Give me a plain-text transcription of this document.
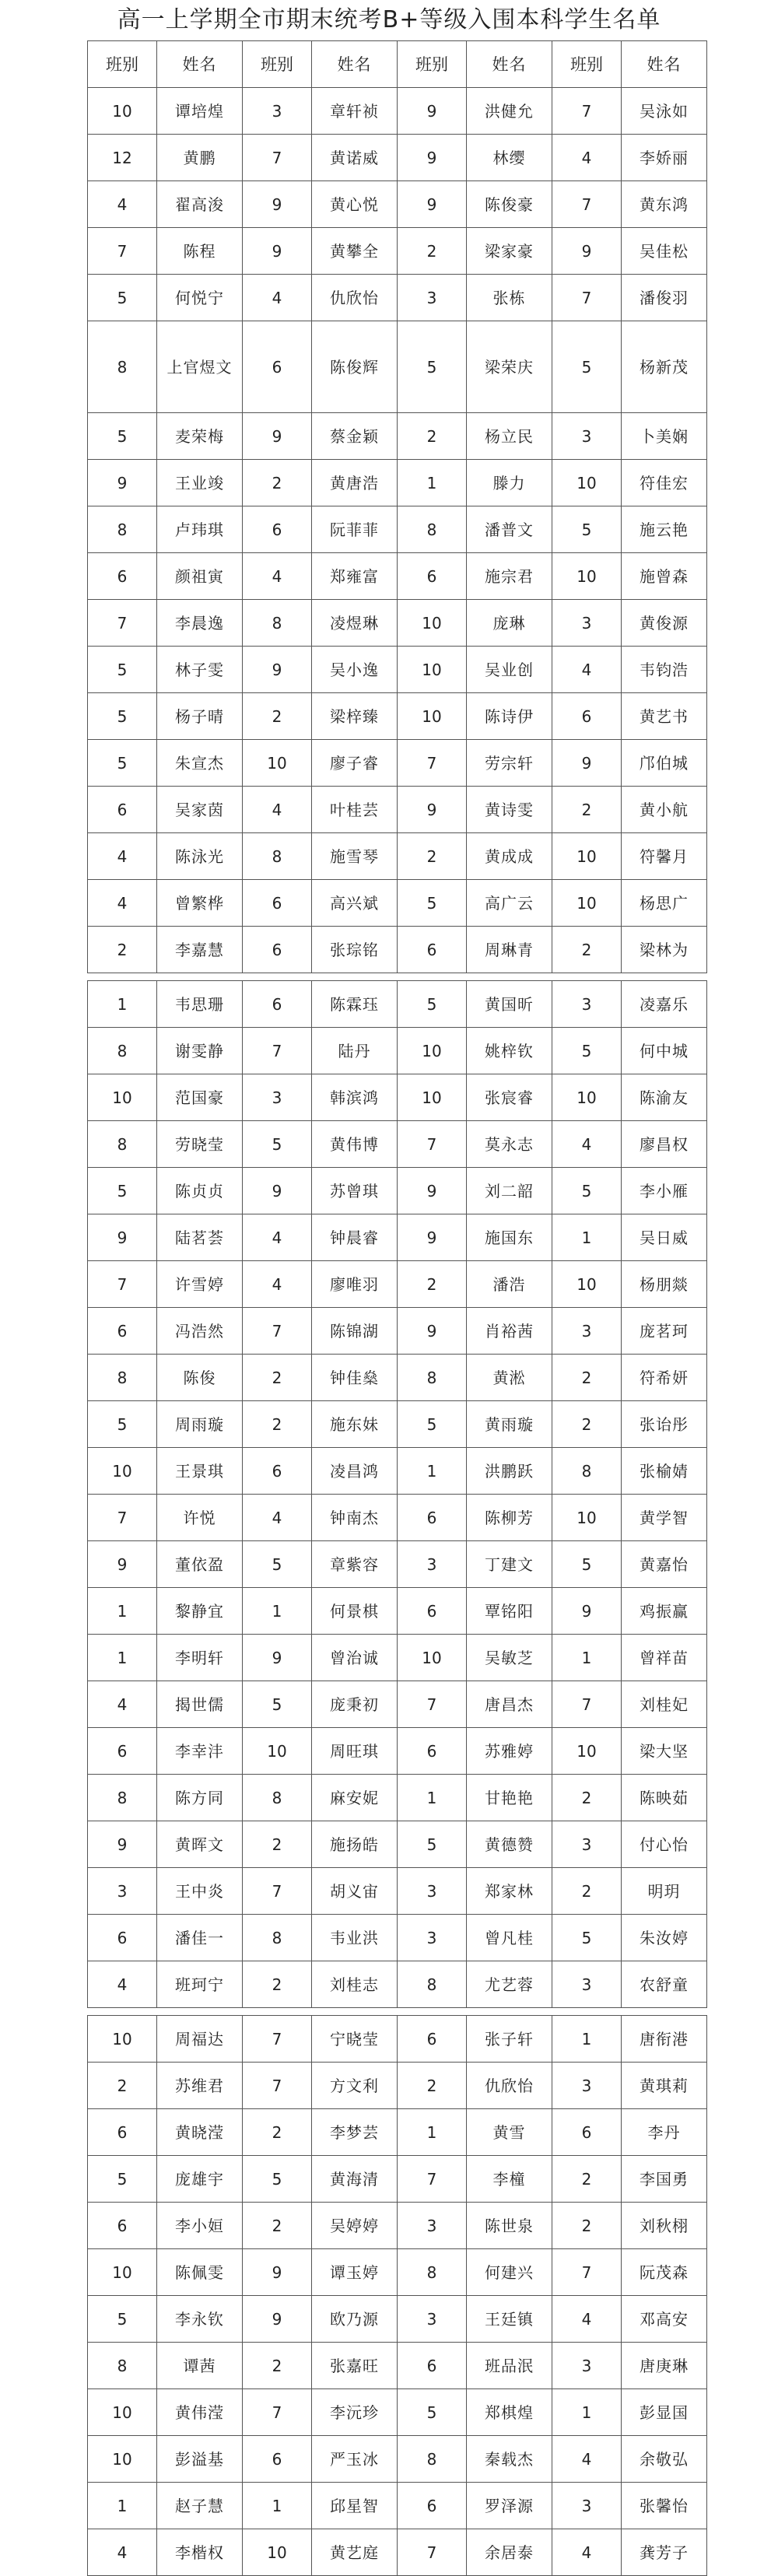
高一上学期全市期末统考B+等级入围本科学生名单
班别	姓名	班别	姓名	班别	姓名	班别	姓名
10	谭培煌	3	章轩祯	9	洪健允	7	吴泳如
12	黄鹏	7	黄诺威	9	林缨	4	李娇丽
4	翟高浚	9	黄心悦	9	陈俊豪	7	黄东鸿
7	陈程	9	黄攀全	2	梁家豪	9	吴佳松
5	何悦宁	4	仇欣怡	3	张栋	7	潘俊羽
8	上官煜文	6	陈俊辉	5	梁荣庆	5	杨新茂
5	麦荣梅	9	蔡金颖	2	杨立民	3	卜美娴
9	王业竣	2	黄唐浩	1	滕力	10	符佳宏
8	卢玮琪	6	阮菲菲	8	潘普文	5	施云艳
6	颜祖寅	4	郑雍富	6	施宗君	10	施曾森
7	李晨逸	8	凌煜琳	10	庞琳	3	黄俊源
5	林子雯	9	吴小逸	10	吴业创	4	韦钧浩
5	杨子晴	2	梁梓臻	10	陈诗伊	6	黄艺书
5	朱宣杰	10	廖子睿	7	劳宗轩	9	邝伯城
6	吴家茵	4	叶桂芸	9	黄诗雯	2	黄小航
4	陈泳光	8	施雪琴	2	黄成成	10	符馨月
4	曾繁桦	6	高兴斌	5	高广云	10	杨思广
2	李嘉慧	6	张琮铭	6	周琳青	2	梁林为

1	韦思珊	6	陈霖珏	5	黄国昕	3	凌嘉乐
8	谢雯静	7	陆丹	10	姚梓钦	5	何中城
10	范国豪	3	韩滨鸿	10	张宸睿	10	陈渝友
8	劳晓莹	5	黄伟博	7	莫永志	4	廖昌权
5	陈贞贞	9	苏曾琪	9	刘二韶	5	李小雁
9	陆茗荟	4	钟晨睿	9	施国东	1	吴日威
7	许雪婷	4	廖唯羽	2	潘浩	10	杨朋燚
6	冯浩然	7	陈锦湖	9	肖裕茜	3	庞茗珂
8	陈俊	2	钟佳燊	8	黄淞	2	符希妍
5	周雨璇	2	施东妹	5	黄雨璇	2	张诒彤
10	王景琪	6	凌昌鸿	1	洪鹏跃	8	张榆婧
7	许悦	4	钟南杰	6	陈柳芳	10	黄学智
9	董依盈	5	章紫容	3	丁建文	5	黄嘉怡
1	黎静宜	1	何景棋	6	覃铭阳	9	鸡振赢
1	李明轩	9	曾治诚	10	吴敏芝	1	曾祥苗
4	揭世儒	5	庞秉初	7	唐昌杰	7	刘桂妃
6	李幸沣	10	周旺琪	6	苏雅婷	10	梁大坚
8	陈方同	8	麻安妮	1	甘艳艳	2	陈映茹
9	黄晖文	2	施扬皓	5	黄德赞	3	付心怡
3	王中炎	7	胡义宙	3	郑家林	2	明玥
6	潘佳一	8	韦业洪	3	曾凡桂	5	朱汝婷
4	班珂宁	2	刘桂志	8	尤艺蓉	3	农舒童

10	周福达	7	宁晓莹	6	张子轩	1	唐衔港
2	苏维君	7	方文利	2	仇欣怡	3	黄琪莉
6	黄晓滢	2	李梦芸	1	黄雪	6	李丹
5	庞雄宇	5	黄海清	7	李橦	2	李国勇
6	李小姮	2	吴婷婷	3	陈世泉	2	刘秋栩
10	陈佩雯	9	谭玉婷	8	何建兴	7	阮茂森
5	李永钦	9	欧乃源	3	王廷镇	4	邓高安
8	谭茜	2	张嘉旺	6	班品泯	3	唐庚琳
10	黄伟滢	7	李沅珍	5	郑棋煌	1	彭显国
10	彭溢基	6	严玉冰	8	秦载杰	4	余敬弘
1	赵子慧	1	邱星智	6	罗泽源	3	张馨怡
4	李楷权	10	黄艺庭	7	余居泰	4	龚芳子
